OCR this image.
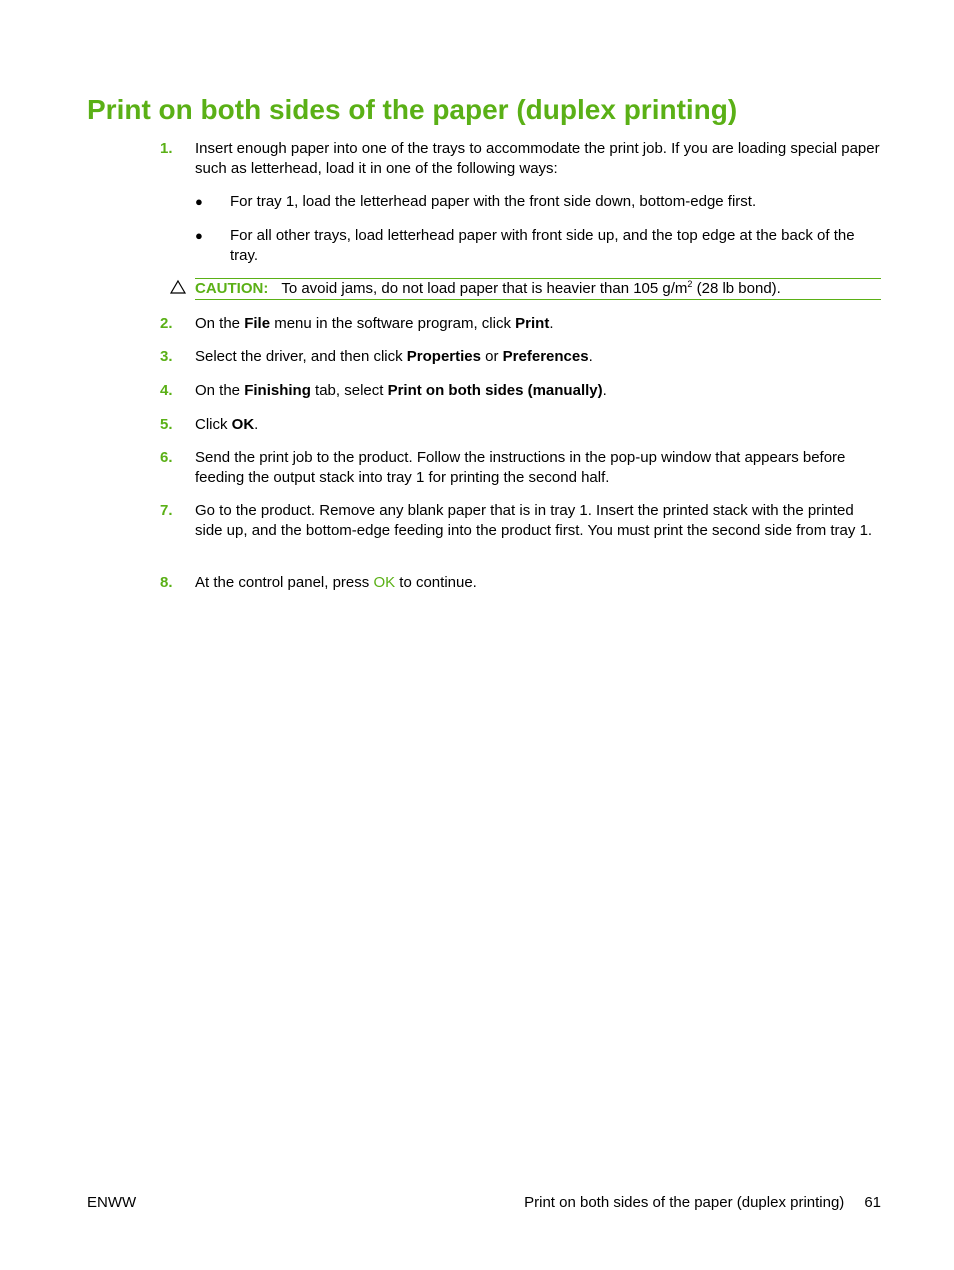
Print on both sides of the paper (duplex printing)
1.	Insert enough paper into one of the trays to accommodate the print job. If you are loading special paper such as letterhead, load it in one of the following ways:
● For tray 1, load the letterhead paper with the front side down, bottom-edge first.
● For all other trays, load letterhead paper with front side up, and the top edge at the back of the tray.
CAUTION: To avoid jams, do not load paper that is heavier than 105 $g/m^2$ (28 lb bond).
2.	On the File menu in the software program, click Print.
3.	Select the driver, and then click Properties or Preferences.
4.	On the Finishing tab, select Print on both sides (manually).
5.	Click OK.
6.	Send the print job to the product. Follow the instructions in the pop-up window that appears before feeding the output stack into tray 1 for printing the second half.
7.	Go to the product. Remove any blank paper that is in tray 1. Insert the printed stack with the printed side up, and the bottom-edge feeding into the product first. You must print the second side from tray 1.
8.	At the control panel, press OK to continue.
ENWW	Print on both sides of the paper (duplex printing) 61
